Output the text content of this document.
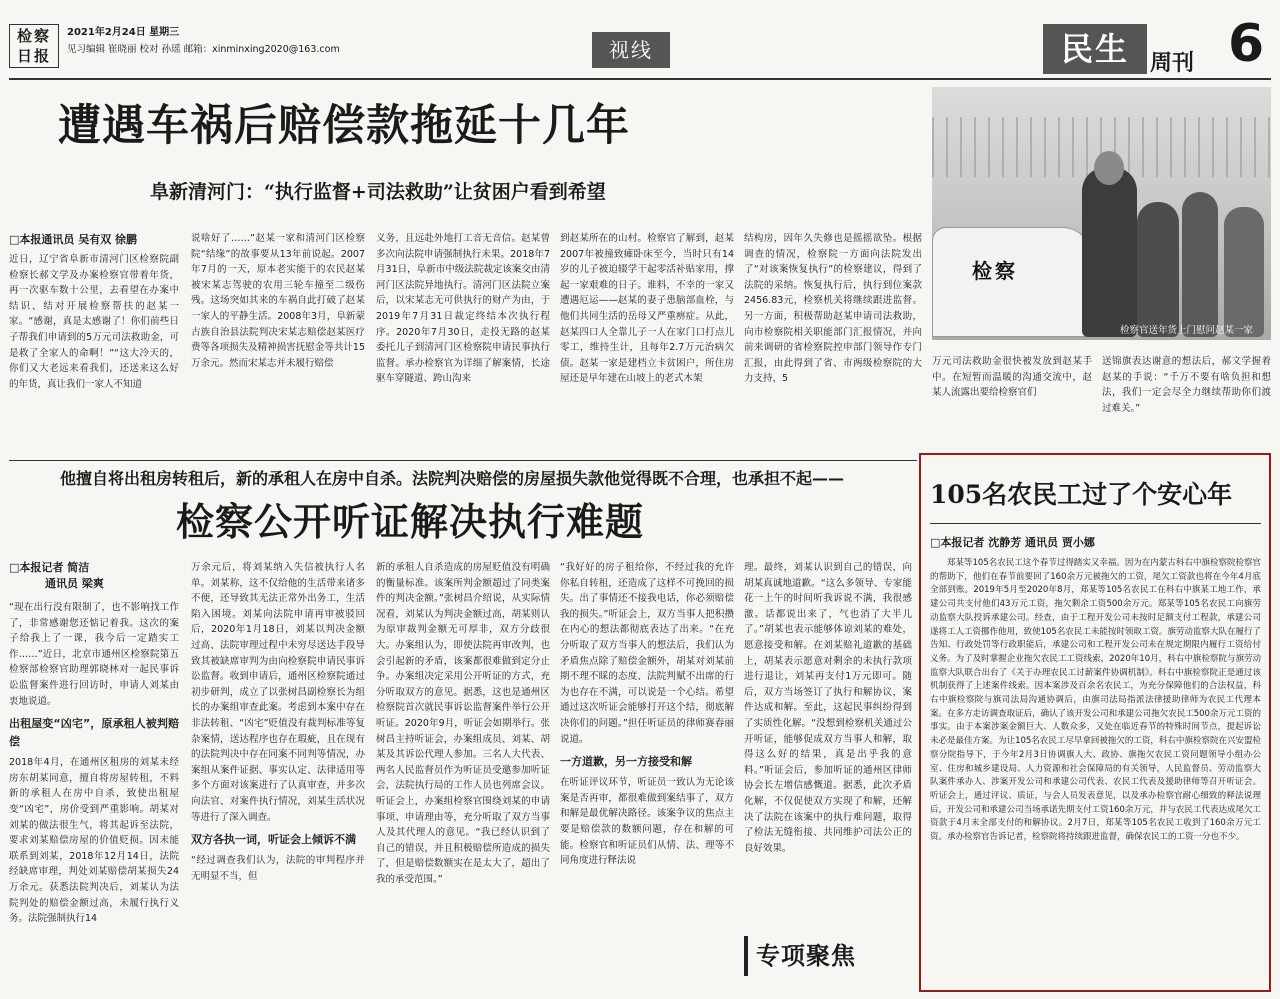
检察日报
2021年2月24日 星期三
见习编辑 崔晓丽 校对 孙瑶 邮箱：xinminxing2020@163.com	视线	民生 周刊 6
遭遇车祸后赔偿款拖延十几年
阜新清河门：“执行监督+司法救助”让贫困户看到希望
检察
检察官送年货上门慰问赵某一家
□本报通讯员 吴有双 徐鹏
近日，辽宁省阜新市清河门区检察院副检察长郝文学及办案检察官带着年货，再一次驱车数十公里，去看望在办案中结识、结对开展检察帮扶的赵某一家。“感谢，真是太感谢了！你们前些日子帮我们申请到的5万元司法救助金，可是救了全家人的命啊！”“这大冷天的，你们又大老远来看我们，还送来这么好的年货，真让我们一家人不知道
说啥好了……”赵某一家和清河门区检察院“结缘”的故事要从13年前说起。2007年7月的一天，原本老实能干的农民赵某被宋某志驾驶的农用三轮车撞至二级伤残。这场突如其来的车祸自此打破了赵某一家人的平静生活。2008年3月，阜新蒙古族自治县法院判决宋某志赔偿赵某医疗费等各项损失及精神损害抚慰金等共计15万余元。然而宋某志并未履行赔偿
义务，且远赴外地打工音无音信。赵某曾多次向法院申请强制执行未果。2018年7月31日，阜新市中级法院裁定该案交由清河门区法院异地执行。清河门区法院立案后，以宋某志无可供执行的财产为由，于2019年7月31日裁定终结本次执行程序。2020年7月30日，走投无路的赵某委托儿子到清河门区检察院申请民事执行监督。承办检察官为详细了解案情，长途驱车穿隧道、跨山沟来
到赵某所在的山村。检察官了解到，赵某2007年被撞致瘫卧床至今，当时只有14岁的儿子被迫辍学干起零活补贴家用，撑起一家艰难的日子。谁料，不幸的一家又遭遇厄运——赵某的妻子患脑部血栓，与他们共同生活的岳母又严重痹症。从此，赵某四口人全靠儿子一人在家门口打点儿零工，维持生计，且每年2.7万元治病欠债。赵某一家是建档立卡贫困户，所住房屋还是早年建在山坡上的老式木架
结构房，因年久失修也是摇摇欲坠。根据调查的情况，检察院一方面向法院发出了“对该案恢复执行”的检察建议，得到了法院的采纳。恢复执行后，执行到位案款2456.83元，检察机关将继续跟进监督。另一方面，积极帮助赵某申请司法救助，向市检察院相关职能部门汇报情况，并向前来调研的省检察院控申部门领导作专门汇报，由此得到了省、市两级检察院的大力支持，5
万元司法救助金很快被发放到赵某手中。在短暂而温暖的沟通交流中，赵某人流露出要给检察官们
送锦旗表达谢意的想法后，郝文学握着赵某的手说：“千万不要有啥负担和想法，我们一定会尽全力继续帮助你们渡过难关。”
他擅自将出租房转租后，新的承租人在房中自杀。法院判决赔偿的房屋损失款他觉得既不合理，也承担不起——
检察公开听证解决执行难题
□本报记者 简洁
通讯员 梁爽
“现在出行没有限制了，也不影响找工作了，非常感谢您还惦记着我。这次的案子给我上了一课，我今后一定踏实工作……”近日，北京市通州区检察院第五检察部检察官助理郭晓林对一起民事诉讼监督案件进行回访时，申请人刘某由衷地说道。
出租屋变“凶宅”，原承租人被判赔偿
2018年4月，在通州区租房的刘某未经房东胡某同意，擅自将房屋转租，不料新的承租人在房中自杀，致使出租屋变“凶宅”，房价受到严重影响。胡某对刘某的做法很生气，将其起诉至法院，要求刘某赔偿房屋的价值贬损。因未能联系到刘某，2018年12月14日，法院经缺席审理，判处刘某赔偿胡某损失24万余元。获悉法院判决后，刘某认为法院判处的赔偿金额过高，未履行执行义务。法院强制执行14
万余元后，将刘某纳入失信被执行人名单。刘某称，这不仅给他的生活带来诸多不便，还导致其无法正常外出务工，生活陷入困境。刘某向法院申请再审被驳回后，2020年1月18日，刘某以判决金额过高、法院审理过程中未穷尽送达手段导致其被缺席审判为由向检察院申请民事诉讼监督。收到申请后，通州区检察院通过初步研判，成立了以张树昌副检察长为组长的办案组审查此案。考虑到本案中存在非法转租、“凶宅”贬值没有裁判标准等复杂案情，送达程序也存在瑕疵，且在现有的法院判决中存在同案不同判等情况，办案组从案件证据、事实认定、法律适用等多个方面对该案进行了认真审查，并多次向法官、对案件执行情况，刘某生活状况等进行了深入调查。
双方各执一词，听证会上倾诉不满
“经过调查我们认为，法院的审判程序并无明显不当，但
新的承租人自杀造成的房屋贬值没有明确的衡量标准。该案所判金额超过了同类案件的判决金额。”张树昌介绍说，从实际情况看，刘某认为判决金额过高，胡某则认为原审裁判金额无可厚非，双方分歧很大。办案组认为，即使法院再审改判，也会引起新的矛盾，该案都很难做到定分止争。办案组决定采用公开听证的方式，充分听取双方的意见。据悉，这也是通州区检察院首次就民事诉讼监督案件举行公开听证。2020年9月，听证会如期举行。张树昌主持听证会，办案组成员、刘某、胡某及其诉讼代理人参加。三名人大代表、两名人民监督员作为听证员受邀参加听证会，法院执行局的工作人员也列席会议。听证会上，办案组检察官围绕刘某的申请事项、申请理由等，充分听取了双方当事人及其代理人的意见。“我已经认识到了自己的错误，并且积极赔偿所造成的损失了，但是赔偿数额实在是太大了，超出了我的承受范围。”
“我好好的房子租给你，不经过我的允许你私自转租，还造成了这样不可挽回的损失。出了事情还不接我电话，你必须赔偿我的损失。”听证会上，双方当事人把积攒在内心的想法都彻底表达了出来。“在充分听取了双方当事人的想法后，我们认为矛盾焦点除了赔偿金额外，胡某对刘某前期不理不睬的态度、法院判赋不出席的行为也存在不满，可以说是一个心结。希望通过这次听证会能够打开这个结，彻底解决你们的问题。”担任听证员的律师赛春丽说道。
一方道歉，另一方接受和解
在听证评议环节，听证员一致认为无论该案是否再审，都很难做到案结事了，双方和解是最优解决路径。该案争议的焦点主要是赔偿款的数额问题，存在和解的可能。检察官和听证员们从情、法、理等不同角度进行释法说
理。最终，刘某认识到自己的错误，向胡某真诚地道歉。“这么多领导、专家能花一上午的时间听我诉说不满，我很感激。话都说出来了，气也消了大半儿了。”胡某也表示能够体谅刘某的难处，愿意接受和解。在刘某赔礼道歉的基础上，胡某表示愿意对剩余的未执行款项进行退让，刘某再支付1万元即可。随后，双方当场签订了执行和解协议，案件达成和解。至此，这起民事纠纷得到了实质性化解。“没想到检察机关通过公开听证，能够促成双方当事人和解，取得这么好的结果，真是出乎我的意料。”听证会后，参加听证的通州区律师协会长左增信感慨道。据悉，此次矛盾化解，不仅促使双方实现了和解，还解决了法院在该案中的执行难问题，取得了检法无缝衔接、共同维护司法公正的良好效果。
专项聚焦
105名农民工过了个安心年
□本报记者 沈静芳 通讯员 贾小娜
郑某等105名农民工这个春节过得踏实又幸福。因为在内蒙古科右中旗检察院检察官的帮助下，他们在春节前要回了160余万元被拖欠的工资，尾欠工资款也将在今年4月底全部到账。2019年5月至2020年8月，郑某等105名农民工在科右中旗某工地工作，承建公司共支付他们43万元工资，拖欠剩余工资500余万元。郑某等105名农民工向旗劳动监察大队投诉承建公司。经查，由于工程开发公司未按时足额支付工程款，承建公司遂将工人工资挪作他用，致使105名农民工未能按时领取工资。旗劳动监察大队在履行了告知、行政处罚等行政职能后，承建公司和工程开发公司未在规定期限内履行工资给付义务。为了及时掌握企业拖欠农民工工资线索，2020年10月，科右中旗检察院与旗劳动监察大队联合出台了《关于办理农民工讨薪案件协调机制》。科右中旗检察院正是通过该机制获得了上述案件线索。因本案涉及百余名农民工，为充分保障他们的合法权益，科右中旗检察院与旗司法局沟通协调后，由旗司法局指派法律援助律师为农民工代理本案。在多方走访调查取证后，确认了该开发公司和承建公司拖欠农民工500余万元工资的事实。由于本案涉案金额巨大、人数众多，又处在临近春节的特殊时间节点，提起诉讼未必是最佳方案。为让105名农民工尽早拿回被拖欠的工资，科右中旗检察院在兴安盟检察分院指导下，于今年2月3日协调旗人大、政协、旗拖欠农民工资问题领导小组办公室、住房和城乡建设局、人力资源和社会保障局的有关领导，人民监督员、劳动监察大队案件承办人、涉案开发公司和承建公司代表、农民工代表及援助律师等召开听证会。听证会上，通过评议、质证，与会人员发表意见，以及承办检察官耐心细致的释法说理后，开发公司和承建公司当场承诺先期支付工资160余万元，并与农民工代表达成尾欠工资款于4月末全部支付的和解协议。2月7日，郑某等105名农民工收到了160余万元工资。承办检察官告诉记者，检察院将持续跟进监督，确保农民工的工资一分也不少。
